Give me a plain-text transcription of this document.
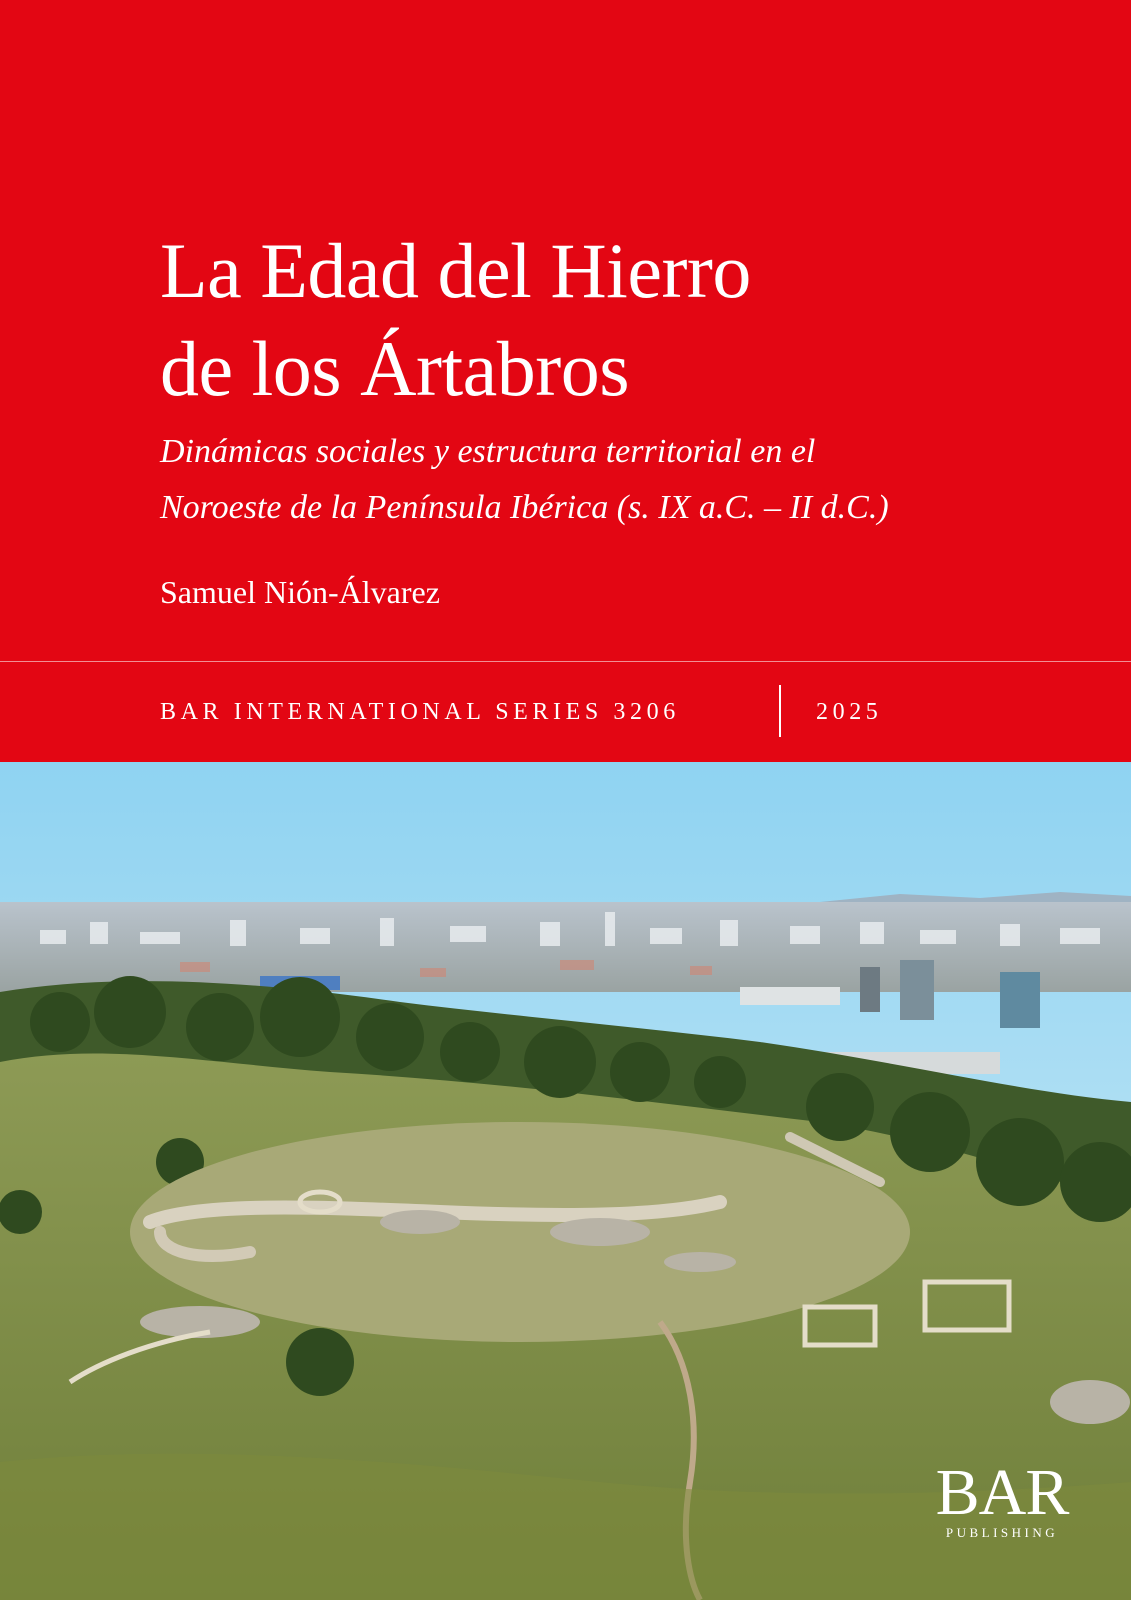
La Edad del Hierro
de los Ártabros
Dinámicas sociales y estructura territorial en el
Noroeste de la Península Ibérica (s. IX a.C. – II d.C.)
Samuel Nión-Álvarez
BAR INTERNATIONAL SERIES 3206	2025
BAR
PUBLISHING
